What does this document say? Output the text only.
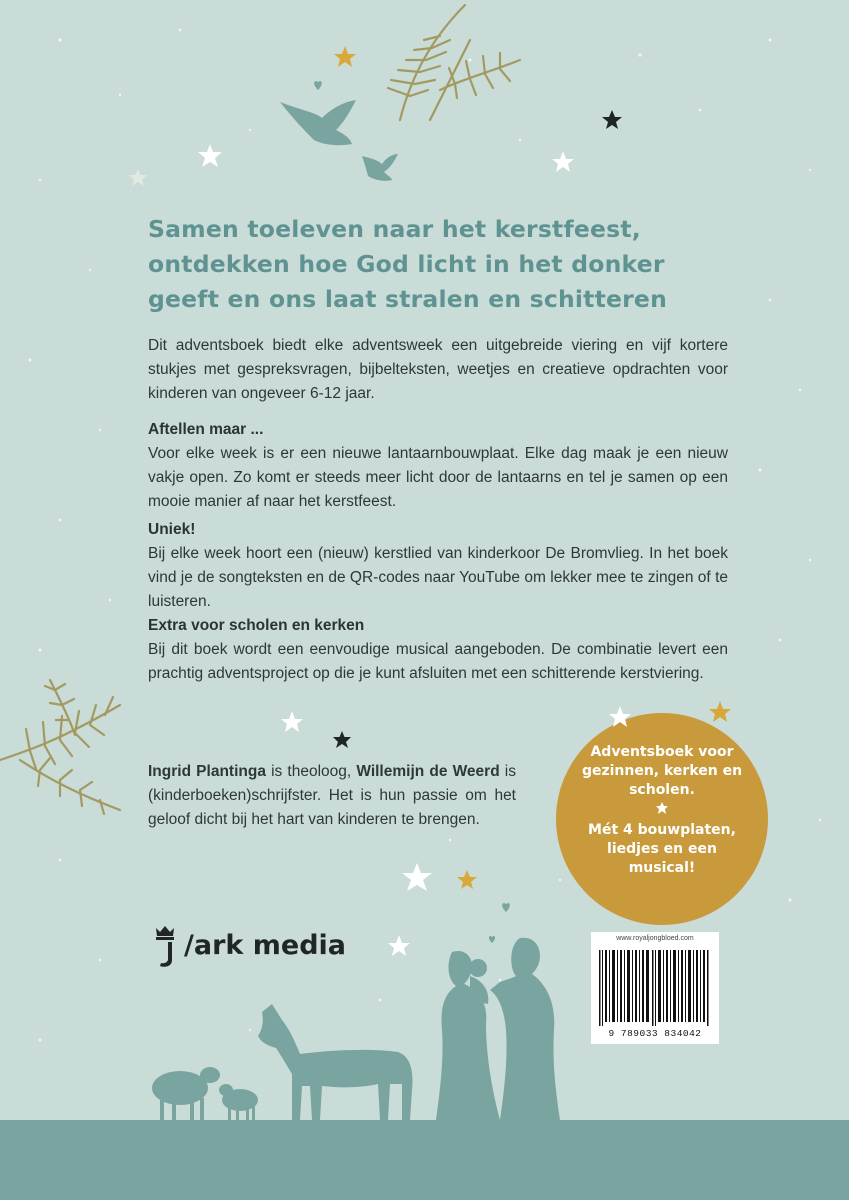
Samen toeleven naar het kerstfeest,
ontdekken hoe God licht in het donker
geeft en ons laat stralen en schitteren

Dit adventsboek biedt elke adventsweek een uitgebreide viering en vijf kortere stukjes met gespreksvragen, bijbelteksten, weetjes en creatieve opdrachten voor kinderen van ongeveer 6-12 jaar.

Aftellen maar ...

Voor elke week is er een nieuwe lantaarnbouwplaat. Elke dag maak je een nieuw vakje open. Zo komt er steeds meer licht door de lantaarns en tel je samen op een mooie manier af naar het kerstfeest.

Uniek!

Bij elke week hoort een (nieuw) kerstlied van kinderkoor De Bromvlieg. In het boek vind je de songteksten en de QR-codes naar YouTube om lekker mee te zingen of te luisteren.

Extra voor scholen en kerken

Bij dit boek wordt een eenvoudige musical aangeboden. De combinatie levert een prachtig adventsproject op die je kunt afsluiten met een schitterende kerstviering.

Ingrid Plantinga is theoloog, Willemijn de Weerd is (kinderboeken)schrijfster. Het is hun passie om het geloof dicht bij het hart van kinderen te brengen.
Adventsboek voor gezinnen, kerken en scholen.
Mét 4 bouwplaten, liedjes en een musical!
/ark media	www.royaljongbloed.com
9 789033 834042
